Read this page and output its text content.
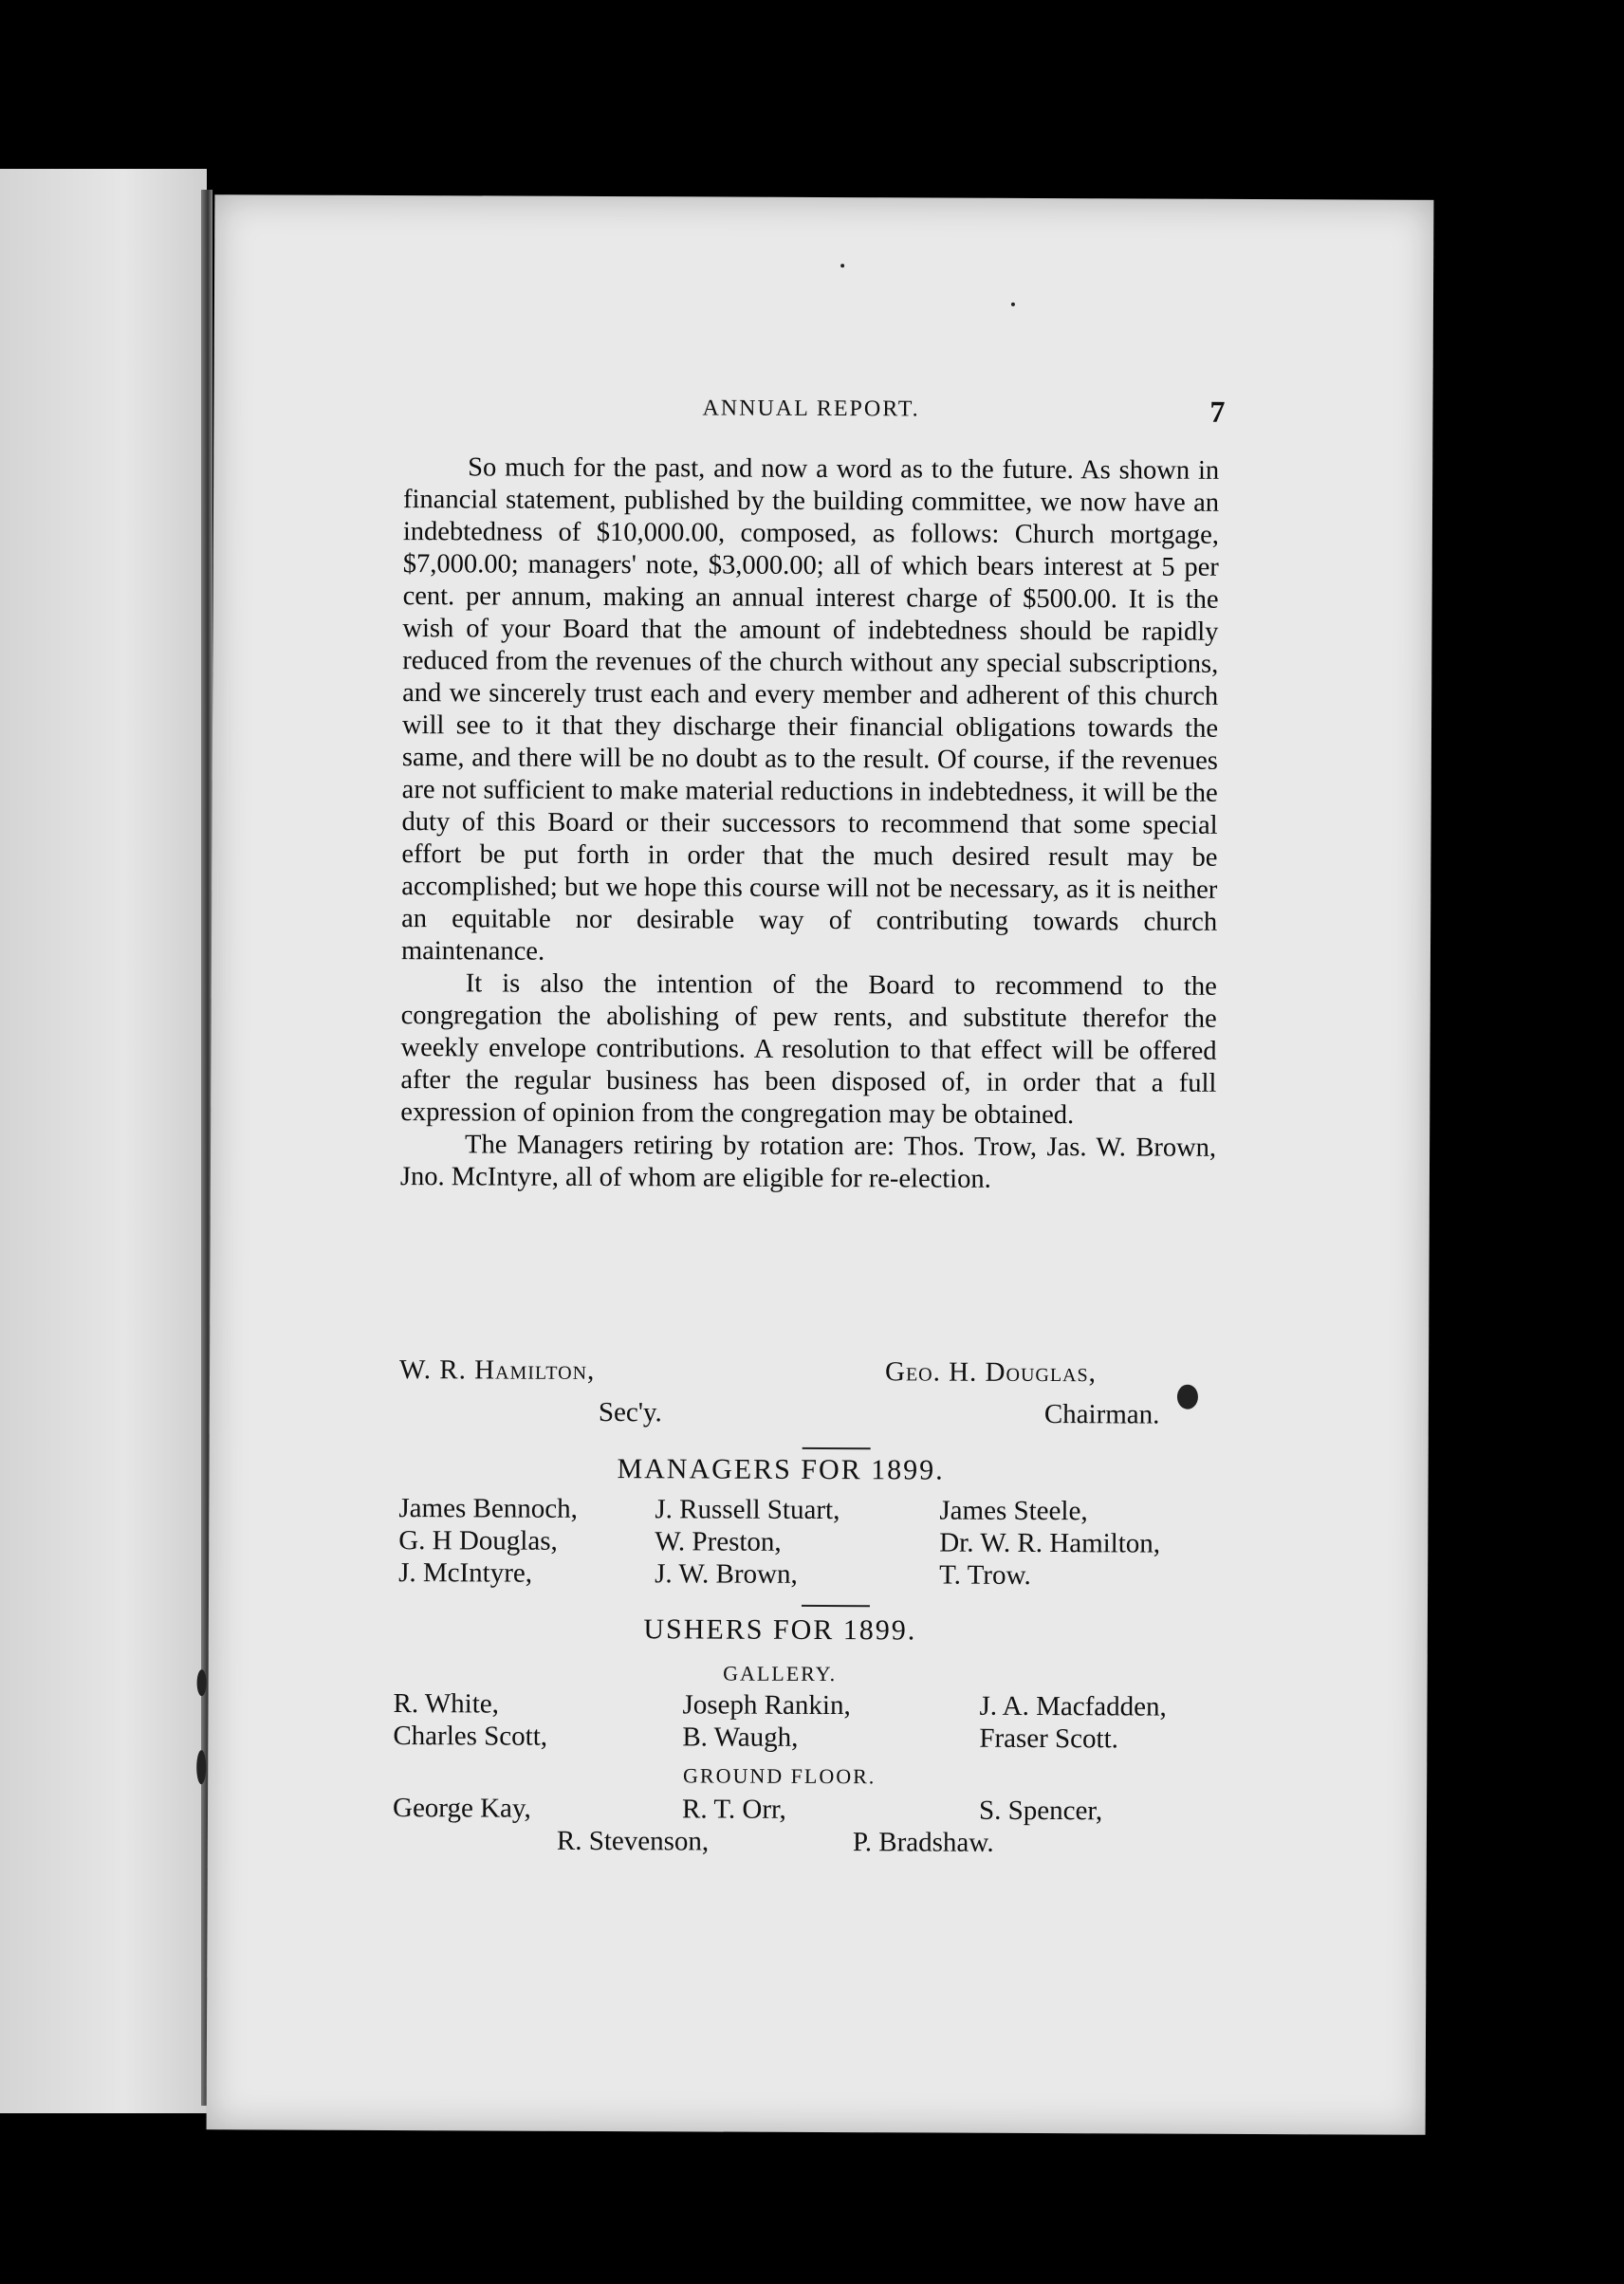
ANNUAL REPORT.	7

So much for the past, and now a word as to the future. As shown in financial statement, published by the building committee, we now have an indebtedness of $10,000.00, composed, as follows: Church mortgage, $7,000.00; managers' note, $3,000.00; all of which bears interest at 5 per cent. per annum, making an annual interest charge of $500.00. It is the wish of your Board that the amount of indebtedness should be rapidly reduced from the revenues of the church without any special subscriptions, and we sincerely trust each and every member and adherent of this church will see to it that they discharge their financial obligations towards the same, and there will be no doubt as to the result. Of course, if the revenues are not sufficient to make material reductions in indebtedness, it will be the duty of this Board or their successors to recommend that some special effort be put forth in order that the much desired result may be accomplished; but we hope this course will not be necessary, as it is neither an equitable nor desirable way of contributing towards church maintenance.

It is also the intention of the Board to recommend to the congregation the abolishing of pew rents, and substitute therefor the weekly envelope contributions. A resolution to that effect will be offered after the regular business has been disposed of, in order that a full expression of opinion from the congregation may be obtained.

The Managers retiring by rotation are: Thos. Trow, Jas. W. Brown, Jno. McIntyre, all of whom are eligible for re-election.

W. R. Hamilton,	Geo. H. Douglas,
Sec'y.	Chairman.
MANAGERS FOR 1899.
James Bennoch,	J. Russell Stuart,	James Steele,
G. H Douglas,	W. Preston,	Dr. W. R. Hamilton,
J. McIntyre,	J. W. Brown,	T. Trow.
USHERS FOR 1899.
GALLERY.
R. White,	Joseph Rankin,	J. A. Macfadden,
Charles Scott,	B. Waugh,	Fraser Scott.
GROUND FLOOR.
George Kay,	R. T. Orr,	S. Spencer,
R. Stevenson,	P. Bradshaw.
